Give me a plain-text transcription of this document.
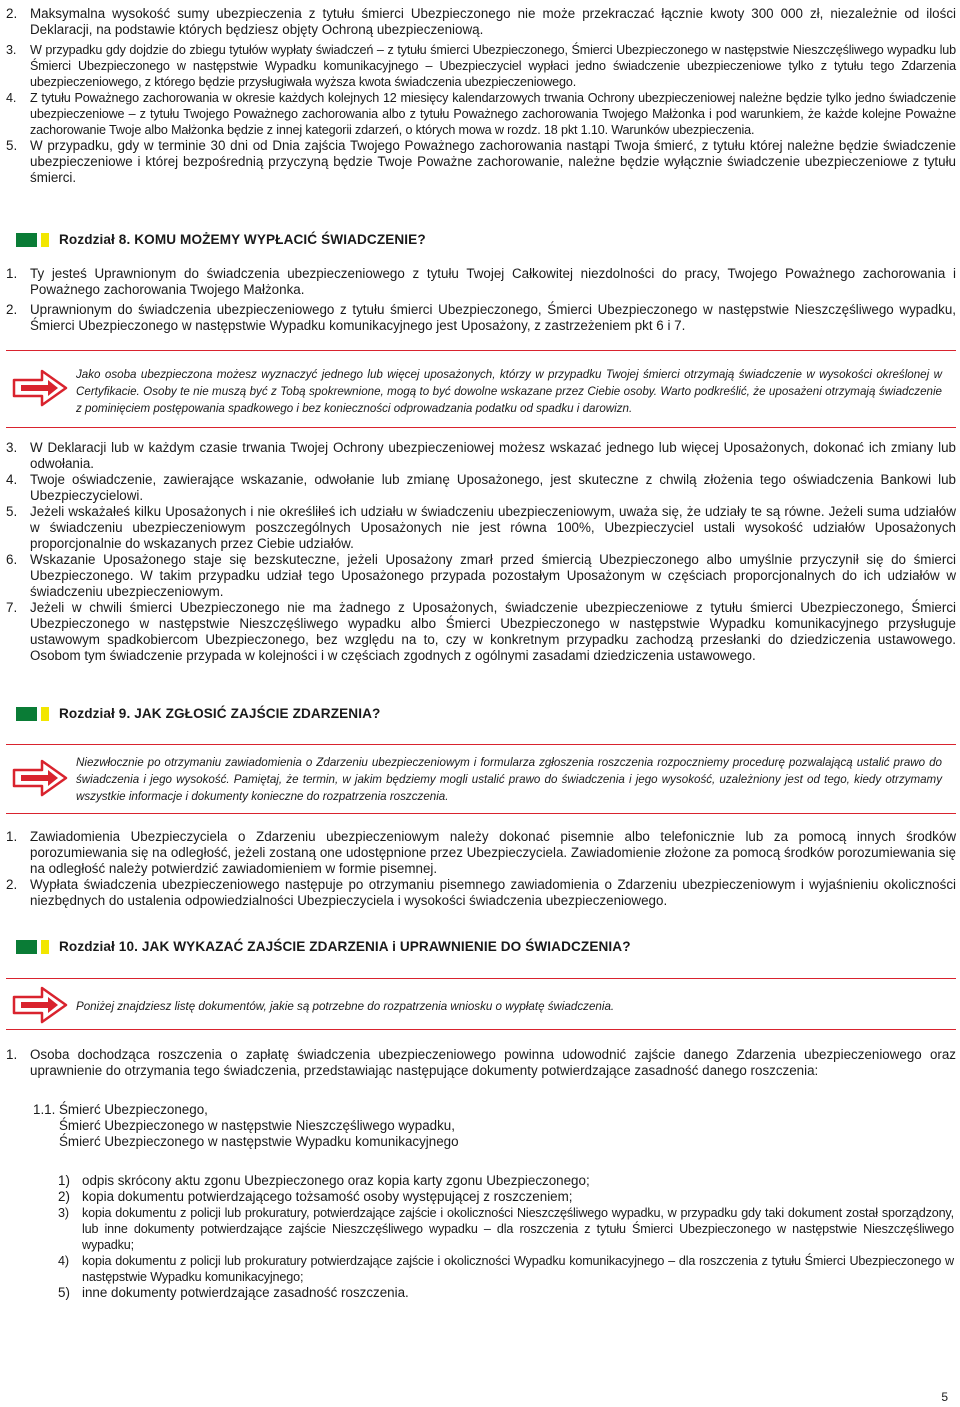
2. Maksymalna wysokość sumy ubezpieczenia z tytułu śmierci Ubezpieczonego nie może przekraczać łącznie kwoty 300 000 zł, niezależnie od ilości Deklaracji, na podstawie których będziesz objęty Ochroną ubezpieczeniową.
3. W przypadku gdy dojdzie do zbiegu tytułów wypłaty świadczeń – z tytułu śmierci Ubezpieczonego, Śmierci Ubezpieczonego w następstwie Nieszczęśliwego wypadku lub Śmierci Ubezpieczonego w następstwie Wypadku komunikacyjnego – Ubezpieczyciel wypłaci jedno świadczenie ubezpieczeniowe tylko z tytułu tego Zdarzenia ubezpieczeniowego, z którego będzie przysługiwała wyższa kwota świadczenia ubezpieczeniowego.
4. Z tytułu Poważnego zachorowania w okresie każdych kolejnych 12 miesięcy kalendarzowych trwania Ochrony ubezpieczeniowej należne będzie tylko jedno świadczenie ubezpieczeniowe – z tytułu Twojego Poważnego zachorowania albo z tytułu Poważnego zachorowania Twojego Małżonka i pod warunkiem, że każde kolejne Poważne zachorowanie Twoje albo Małżonka będzie z innej kategorii zdarzeń, o których mowa w rozdz. 18 pkt 1.10. Warunków ubezpieczenia.
5. W przypadku, gdy w terminie 30 dni od Dnia zajścia Twojego Poważnego zachorowania nastąpi Twoja śmierć, z tytułu której należne będzie świadczenie ubezpieczeniowe i której bezpośrednią przyczyną będzie Twoje Poważne zachorowanie, należne będzie wyłącznie świadczenie ubezpieczeniowe z tytułu śmierci.
Rozdział 8. KOMU MOŻEMY WYPŁACIĆ ŚWIADCZENIE?
1. Ty jesteś Uprawnionym do świadczenia ubezpieczeniowego z tytułu Twojej Całkowitej niezdolności do pracy, Twojego Poważnego zachorowania i Poważnego zachorowania Twojego Małżonka.
2. Uprawnionym do świadczenia ubezpieczeniowego z tytułu śmierci Ubezpieczonego, Śmierci Ubezpieczonego w następstwie Nieszczęśliwego wypadku, Śmierci Ubezpieczonego w następstwie Wypadku komunikacyjnego jest Uposażony, z zastrzeżeniem pkt 6 i 7.
Jako osoba ubezpieczona możesz wyznaczyć jednego lub więcej uposażonych, którzy w przypadku Twojej śmierci otrzymają świadczenie w wysokości określonej w Certyfikacie. Osoby te nie muszą być z Tobą spokrewnione, mogą to być dowolne wskazane przez Ciebie osoby. Warto podkreślić, że uposażeni otrzymają świadczenie z pominięciem postępowania spadkowego i bez konieczności odprowadzania podatku od spadku i darowizn.
3. W Deklaracji lub w każdym czasie trwania Twojej Ochrony ubezpieczeniowej możesz wskazać jednego lub więcej Uposażonych, dokonać ich zmiany lub odwołania.
4. Twoje oświadczenie, zawierające wskazanie, odwołanie lub zmianę Uposażonego, jest skuteczne z chwilą złożenia tego oświadczenia Bankowi lub Ubezpieczycielowi.
5. Jeżeli wskażałeś kilku Uposażonych i nie określiłeś ich udziału w świadczeniu ubezpieczeniowym, uważa się, że udziały te są równe. Jeżeli suma udziałów w świadczeniu ubezpieczeniowym poszczególnych Uposażonych nie jest równa 100%, Ubezpieczyciel ustali wysokość udziałów Uposażonych proporcjonalnie do wskazanych przez Ciebie udziałów.
6. Wskazanie Uposażonego staje się bezskuteczne, jeżeli Uposażony zmarł przed śmiercią Ubezpieczonego albo umyślnie przyczynił się do śmierci Ubezpieczonego. W takim przypadku udział tego Uposażonego przypada pozostałym Uposażonym w częściach proporcjonalnych do ich udziałów w świadczeniu ubezpieczeniowym.
7. Jeżeli w chwili śmierci Ubezpieczonego nie ma żadnego z Uposażonych, świadczenie ubezpieczeniowe z tytułu śmierci Ubezpieczonego, Śmierci Ubezpieczonego w następstwie Nieszczęśliwego wypadku albo Śmierci Ubezpieczonego w następstwie Wypadku komunikacyjnego przysługuje ustawowym spadkobiercom Ubezpieczonego, bez względu na to, czy w konkretnym przypadku zachodzą przesłanki do dziedziczenia ustawowego. Osobom tym świadczenie przypada w kolejności i w częściach zgodnych z ogólnymi zasadami dziedziczenia ustawowego.
Rozdział 9. JAK ZGŁOSIĆ ZAJŚCIE ZDARZENIA?
Niezwłocznie po otrzymaniu zawiadomienia o Zdarzeniu ubezpieczeniowym i formularza zgłoszenia roszczenia rozpoczniemy procedurę pozwalającą ustalić prawo do świadczenia i jego wysokość. Pamiętaj, że termin, w jakim będziemy mogli ustalić prawo do świadczenia i jego wysokość, uzależniony jest od tego, kiedy otrzymamy wszystkie informacje i dokumenty konieczne do rozpatrzenia roszczenia.
1. Zawiadomienia Ubezpieczyciela o Zdarzeniu ubezpieczeniowym należy dokonać pisemnie albo telefonicznie lub za pomocą innych środków porozumiewania się na odległość, jeżeli zostaną one udostępnione przez Ubezpieczyciela. Zawiadomienie złożone za pomocą środków porozumiewania się na odległość należy potwierdzić zawiadomieniem w formie pisemnej.
2. Wypłata świadczenia ubezpieczeniowego następuje po otrzymaniu pisemnego zawiadomienia o Zdarzeniu ubezpieczeniowym i wyjaśnieniu okoliczności niezbędnych do ustalenia odpowiedzialności Ubezpieczyciela i wysokości świadczenia ubezpieczeniowego.
Rozdział 10. JAK WYKAZAĆ ZAJŚCIE ZDARZENIA i UPRAWNIENIE DO ŚWIADCZENIA?
Poniżej znajdziesz listę dokumentów, jakie są potrzebne do rozpatrzenia wniosku o wypłatę świadczenia.
1. Osoba dochodząca roszczenia o zapłatę świadczenia ubezpieczeniowego powinna udowodnić zajście danego Zdarzenia ubezpieczeniowego oraz uprawnienie do otrzymania tego świadczenia, przedstawiając następujące dokumenty potwierdzające zasadność danego roszczenia:
1.1. Śmierć Ubezpieczonego,
Śmierć Ubezpieczonego w następstwie Nieszczęśliwego wypadku,
Śmierć Ubezpieczonego w następstwie Wypadku komunikacyjnego
1) odpis skrócony aktu zgonu Ubezpieczonego oraz kopia karty zgonu Ubezpieczonego;
2) kopia dokumentu potwierdzającego tożsamość osoby występującej z roszczeniem;
3) kopia dokumentu z policji lub prokuratury, potwierdzające zajście i okoliczności Nieszczęśliwego wypadku, w przypadku gdy taki dokument został sporządzony, lub inne dokumenty potwierdzające zajście Nieszczęśliwego wypadku – dla roszczenia z tytułu Śmierci Ubezpieczonego w następstwie Nieszczęśliwego wypadku;
4) kopia dokumentu z policji lub prokuratury potwierdzające zajście i okoliczności Wypadku komunikacyjnego – dla roszczenia z tytułu Śmierci Ubezpieczonego w następstwie Wypadku komunikacyjnego;
5) inne dokumenty potwierdzające zasadność roszczenia.
5
